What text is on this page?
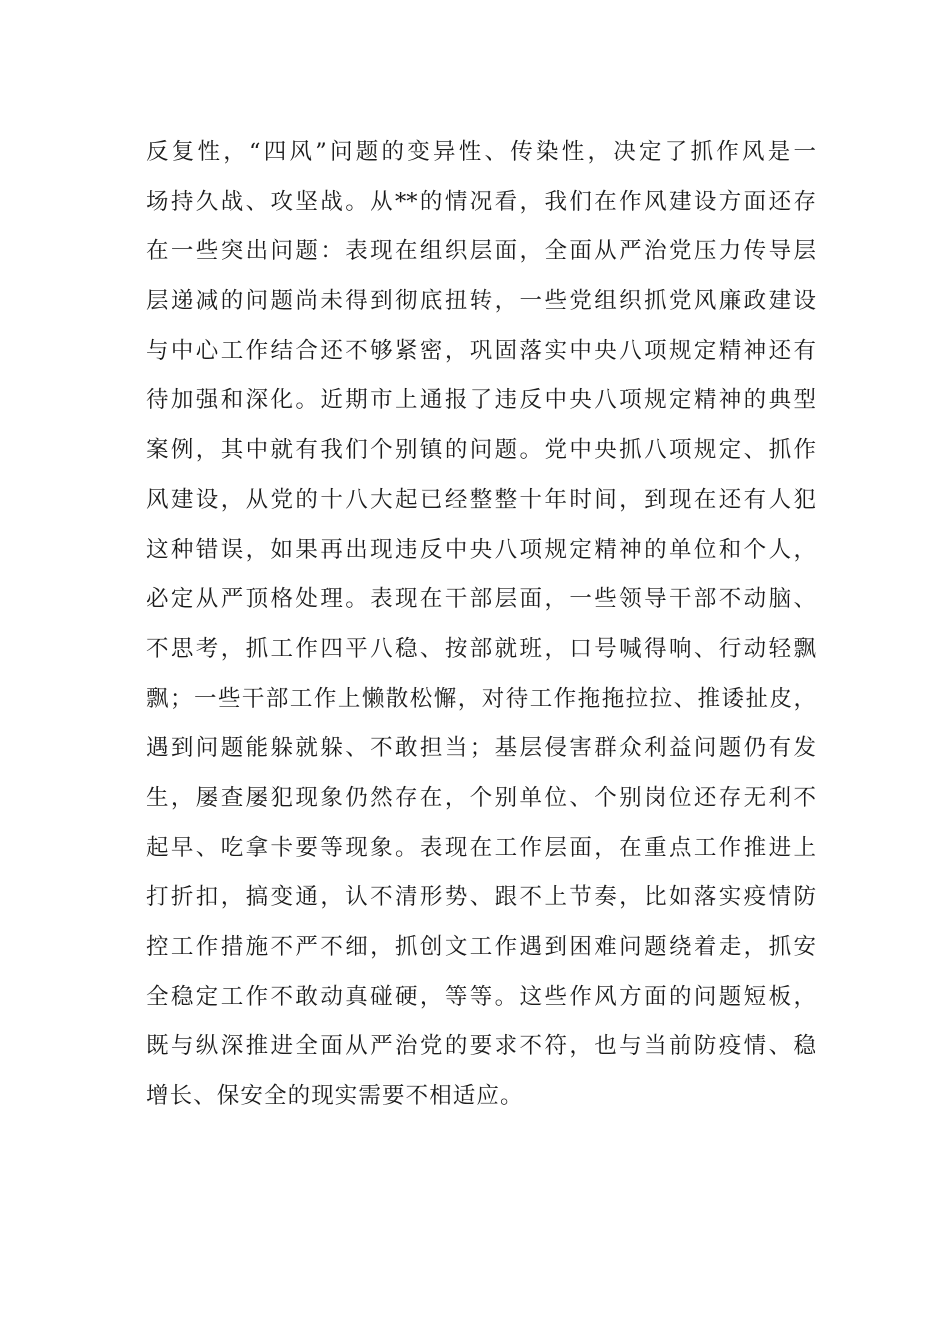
反复性，“四风”问题的变异性、传染性，决定了抓作风是一
场持久战、攻坚战。从**的情况看，我们在作风建设方面还存
在一些突出问题：表现在组织层面，全面从严治党压力传导层
层递减的问题尚未得到彻底扭转，一些党组织抓党风廉政建设
与中心工作结合还不够紧密，巩固落实中央八项规定精神还有
待加强和深化。近期市上通报了违反中央八项规定精神的典型
案例，其中就有我们个别镇的问题。党中央抓八项规定、抓作
风建设，从党的十八大起已经整整十年时间，到现在还有人犯
这种错误，如果再出现违反中央八项规定精神的单位和个人，
必定从严顶格处理。表现在干部层面，一些领导干部不动脑、
不思考，抓工作四平八稳、按部就班，口号喊得响、行动轻飘
飘；一些干部工作上懒散松懈，对待工作拖拖拉拉、推诿扯皮，
遇到问题能躲就躲、不敢担当；基层侵害群众利益问题仍有发
生，屡查屡犯现象仍然存在，个别单位、个别岗位还存无利不
起早、吃拿卡要等现象。表现在工作层面，在重点工作推进上
打折扣，搞变通，认不清形势、跟不上节奏，比如落实疫情防
控工作措施不严不细，抓创文工作遇到困难问题绕着走，抓安
全稳定工作不敢动真碰硬，等等。这些作风方面的问题短板，
既与纵深推进全面从严治党的要求不符，也与当前防疫情、稳
增长、保安全的现实需要不相适应。
